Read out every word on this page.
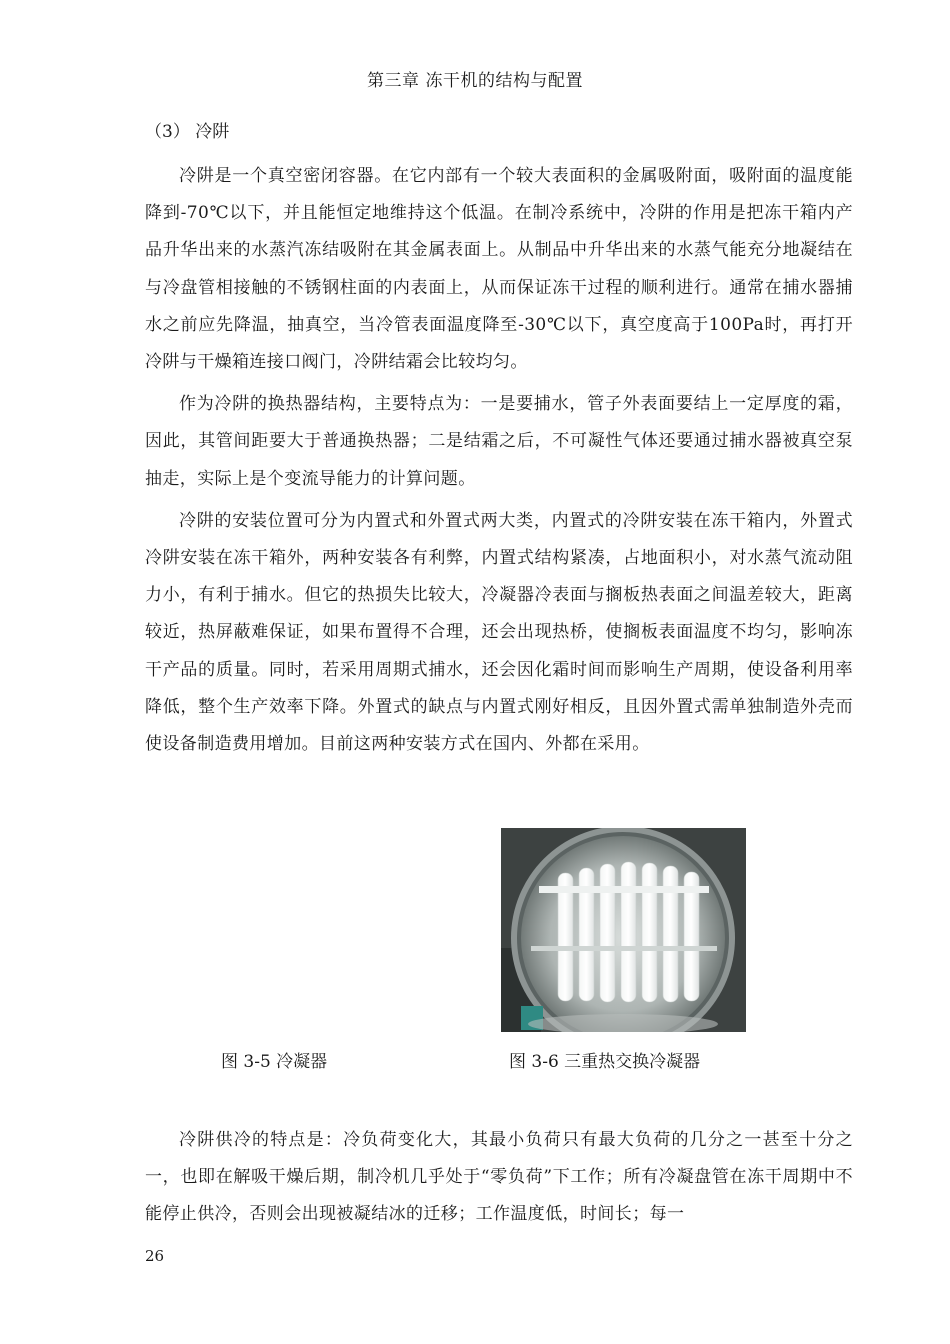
第三章 冻干机的结构与配置
（3） 冷阱

冷阱是一个真空密闭容器。在它内部有一个较大表面积的金属吸附面，吸附面的温度能降到-70℃以下，并且能恒定地维持这个低温。在制冷系统中，冷阱的作用是把冻干箱内产品升华出来的水蒸汽冻结吸附在其金属表面上。从制品中升华出来的水蒸气能充分地凝结在与冷盘管相接触的不锈钢柱面的内表面上，从而保证冻干过程的顺利进行。通常在捕水器捕水之前应先降温，抽真空，当冷管表面温度降至-30℃以下，真空度高于100Pa时，再打开冷阱与干燥箱连接口阀门，冷阱结霜会比较均匀。

作为冷阱的换热器结构，主要特点为：一是要捕水，管子外表面要结上一定厚度的霜，因此，其管间距要大于普通换热器；二是结霜之后，不可凝性气体还要通过捕水器被真空泵抽走，实际上是个变流导能力的计算问题。

冷阱的安装位置可分为内置式和外置式两大类，内置式的冷阱安装在冻干箱内，外置式冷阱安装在冻干箱外，两种安装各有利弊，内置式结构紧凑，占地面积小，对水蒸气流动阻力小，有利于捕水。但它的热损失比较大，冷凝器冷表面与搁板热表面之间温差较大，距离较近，热屏蔽难保证，如果布置得不合理，还会出现热桥，使搁板表面温度不均匀，影响冻干产品的质量。同时，若采用周期式捕水，还会因化霜时间而影响生产周期，使设备利用率降低，整个生产效率下降。外置式的缺点与内置式刚好相反，且因外置式需单独制造外壳而使设备制造费用增加。目前这两种安装方式在国内、外都在采用。

图 3-5 冷凝器	图 3-6 三重热交换冷凝器

冷阱供冷的特点是：冷负荷变化大，其最小负荷只有最大负荷的几分之一甚至十分之一，也即在解吸干燥后期，制冷机几乎处于“零负荷”下工作；所有冷凝盘管在冻干周期中不能停止供冷，否则会出现被凝结冰的迁移；工作温度低，时间长；每一

26
